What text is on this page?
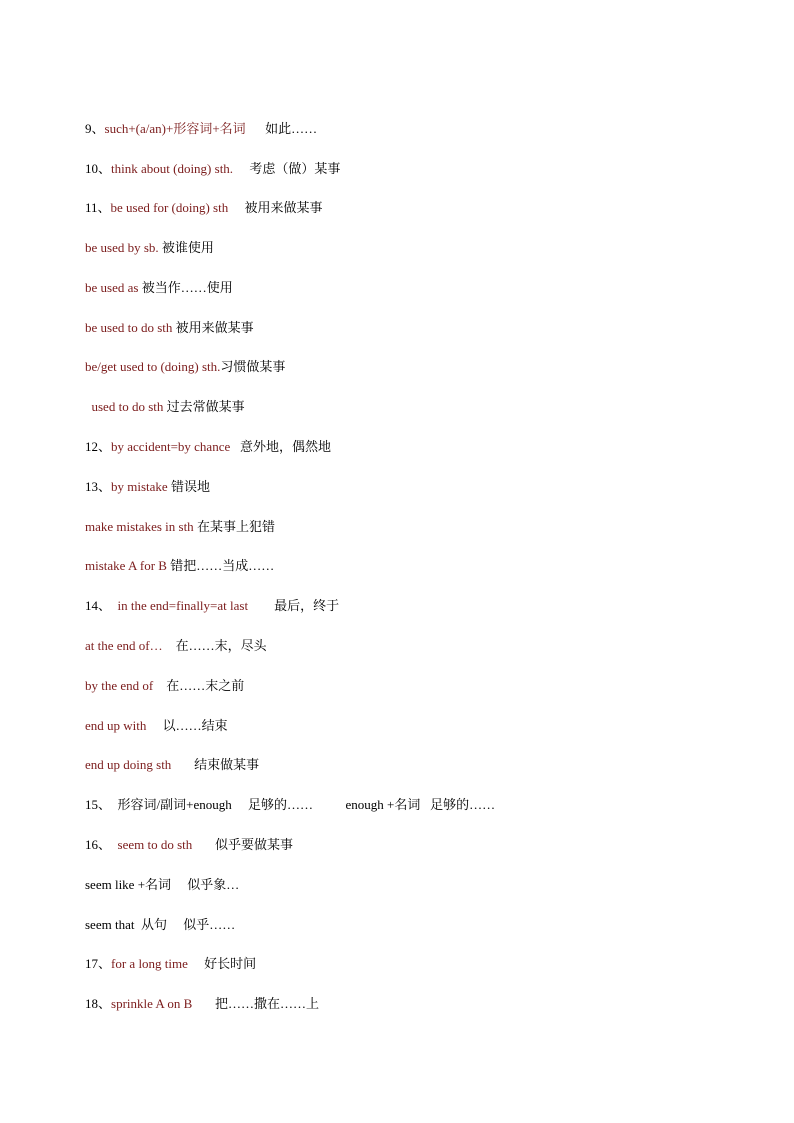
9、such+(a/an)+形容词+名词      如此……

10、think about (doing) sth.     考虑（做）某事

11、be used for (doing) sth     被用来做某事

be used by sb. 被谁使用

be used as 被当作……使用

be used to do sth 被用来做某事

be/get used to (doing) sth.习惯做某事

used to do sth 过去常做某事

12、by accident=by chance   意外地，偶然地

13、by mistake 错误地

make mistakes in sth 在某事上犯错

mistake A for B 错把……当成……

14、  in the end=finally=at last        最后，终于

at the end of…    在……末，尽头

by the end of    在……末之前

end up with     以……结束

end up doing sth       结束做某事

15、  形容词/副词+enough     足够的……          enough +名词   足够的……

16、  seem to do sth       似乎要做某事

seem like +名词     似乎象…

seem that  从句     似乎……

17、for a long time     好长时间

18、sprinkle A on B       把……撒在……上
